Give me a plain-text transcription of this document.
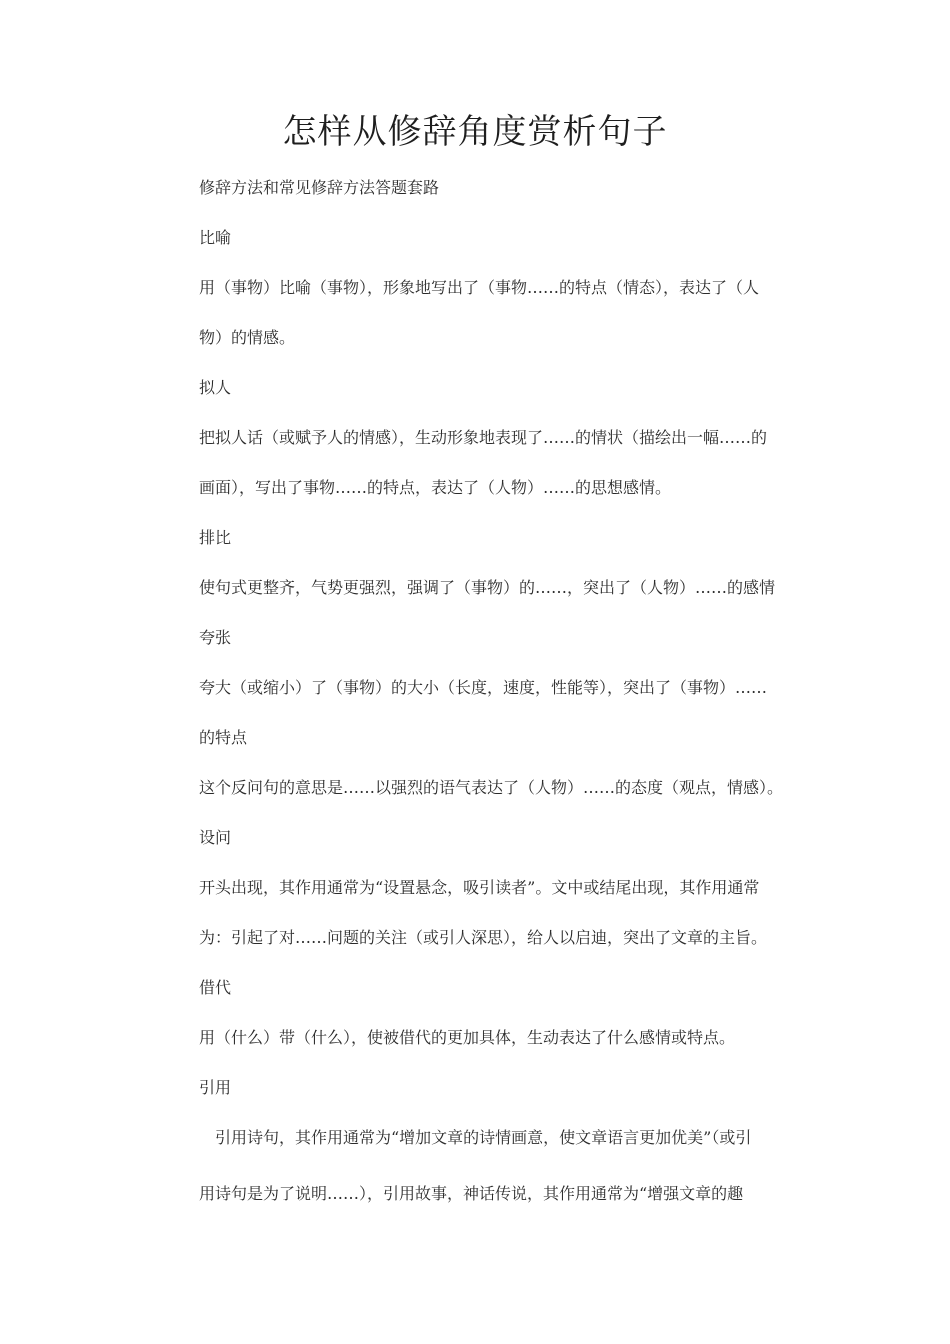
怎样从修辞角度赏析句子
修辞方法和常见修辞方法答题套路
比喻
用（事物）比喻（事物），形象地写出了（事物……的特点（情态），表达了（人
物）的情感。
拟人
把拟人话（或赋予人的情感），生动形象地表现了……的情状（描绘出一幅……的
画面），写出了事物……的特点，表达了（人物）……的思想感情。
排比
使句式更整齐，气势更强烈，强调了（事物）的……，突出了（人物）……的感情
夸张
夸大（或缩小）了（事物）的大小（长度，速度，性能等），突出了（事物）……
的特点
这个反问句的意思是……以强烈的语气表达了（人物）……的态度（观点，情感）。
设问
开头出现，其作用通常为“设置悬念，吸引读者”。文中或结尾出现，其作用通常
为：引起了对……问题的关注（或引人深思），给人以启迪，突出了文章的主旨。
借代
用（什么）带（什么），使被借代的更加具体，生动表达了什么感情或特点。
引用
引用诗句，其作用通常为“增加文章的诗情画意，使文章语言更加优美”（或引
用诗句是为了说明……），引用故事，神话传说，其作用通常为“增强文章的趣
